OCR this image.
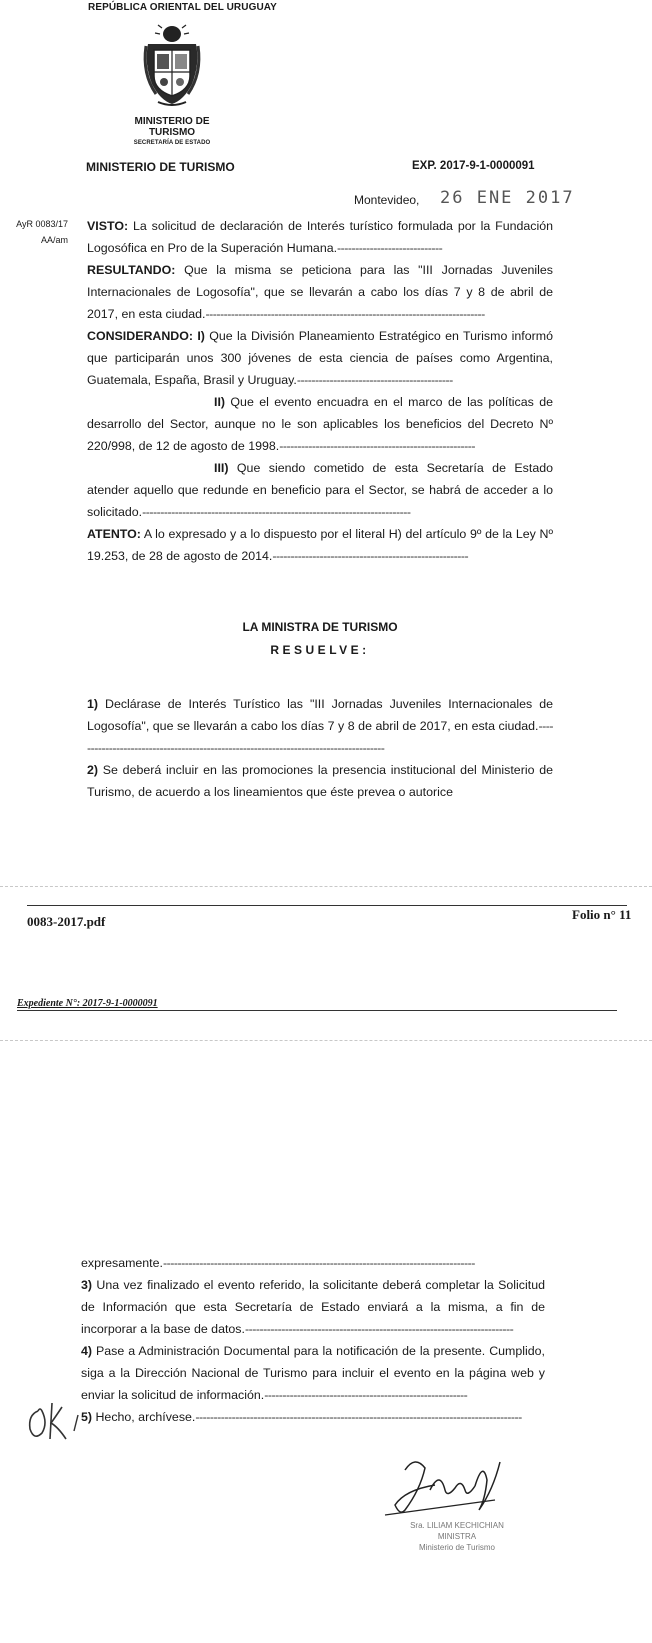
REPÚBLICA ORIENTAL DEL URUGUAY
MINISTERIO DE
TURISMO
SECRETARÍA DE ESTADO
MINISTERIO DE TURISMO	EXP. 2017-9-1-0000091
Montevideo, 26 ENE 2017
AyR 0083/17
AA/am

VISTO: La solicitud de declaración de Interés turístico formulada por la Fundación Logosófica en Pro de la Superación Humana.-----------------------------

RESULTANDO: Que la misma se peticiona para las "III Jornadas Juveniles Internacionales de Logosofía", que se llevarán a cabo los días 7 y 8 de abril de 2017, en esta ciudad.-----------------------------------------------------------------------------

CONSIDERANDO: I) Que la División Planeamiento Estratégico en Turismo informó que participarán unos 300 jóvenes de esta ciencia de países como Argentina, Guatemala, España, Brasil y Uruguay.-------------------------------------------

II) Que el evento encuadra en el marco de las políticas de desarrollo del Sector, aunque no le son aplicables los beneficios del Decreto Nº 220/998, de 12 de agosto de 1998.------------------------------------------------------

III) Que siendo cometido de esta Secretaría de Estado atender aquello que redunde en beneficio para el Sector, se habrá de acceder a lo solicitado.--------------------------------------------------------------------------

ATENTO: A lo expresado y a lo dispuesto por el literal H) del artículo 9º de la Ley Nº 19.253, de 28 de agosto de 2014.------------------------------------------------------

LA MINISTRA DE TURISMO
RESUELVE:

1) Declárase de Interés Turístico las "III Jornadas Juveniles Internacionales de Logosofía", que se llevarán a cabo los días 7 y 8 de abril de 2017, en esta ciudad.--------------------------------------------------------------------------------------

2) Se deberá incluir en las promociones la presencia institucional del Ministerio de Turismo, de acuerdo a los lineamientos que éste prevea o autorice

0083-2017.pdf	Folio n° 11
Expediente N°: 2017-9-1-0000091

expresamente.--------------------------------------------------------------------------------------

3) Una vez finalizado el evento referido, la solicitante deberá completar la Solicitud de Información que esta Secretaría de Estado enviará a la misma, a fin de incorporar a la base de datos.--------------------------------------------------------------------------

4) Pase a Administración Documental para la notificación de la presente. Cumplido, siga a la Dirección Nacional de Turismo para incluir el evento en la página web y enviar la solicitud de información.--------------------------------------------------------

5) Hecho, archívese.------------------------------------------------------------------------------------------

Sra. LILIAM KECHICHIAN
MINISTRA
Ministerio de Turismo
